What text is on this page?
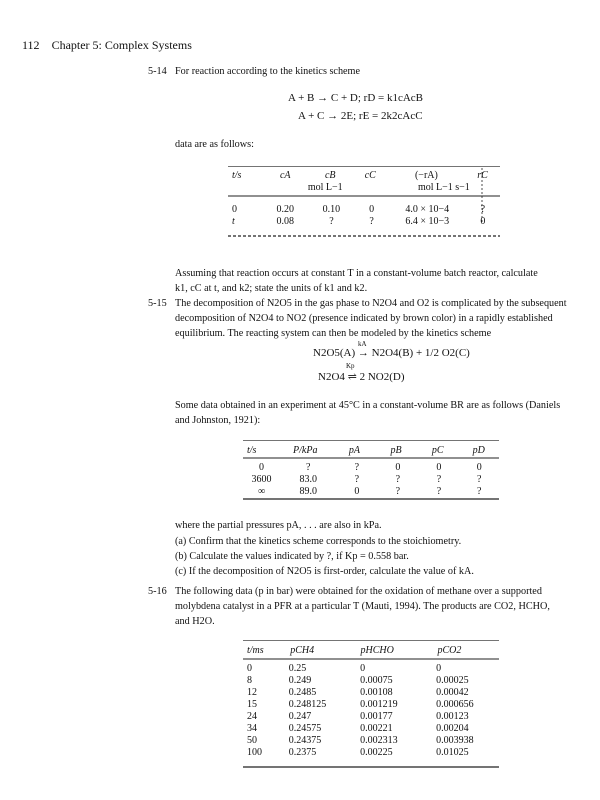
112 Chapter 5: Complex Systems
5-14 For reaction according to the kinetics scheme
A + B → C + D; rD = k1cAcB
A + C → 2E; rE = 2k2cAcC
data are as follows:
t/s	cA	cB	cC	(−rA)	rC
	mol L−1			mol L−1 s−1	
0	0.20	0.10	0	4.0 × 10−4	?
t	0.08	?	?	6.4 × 10−3	0
Assuming that reaction occurs at constant T in a constant-volume batch reactor, calculate
k1, cC at t, and k2; state the units of k1 and k2.
5-15 The decomposition of N2O5 in the gas phase to N2O4 and O2 is complicated by the subsequent
decomposition of N2O4 to NO2 (presence indicated by brown color) in a rapidly established
equilibrium. The reacting system can then be modeled by the kinetics scheme
kA
N2O5(A) → N2O4(B) + 1/2 O2(C)
Kp
N2O4 ⇌ 2 NO2(D)
Some data obtained in an experiment at 45°C in a constant-volume BR are as follows (Daniels
and Johnston, 1921):
t/s	P/kPa	pA	pB	pC	pD
0	?	?	0	0	0
3600	83.0	?	?	?	?
∞	89.0	0	?	?	?
where the partial pressures pA, . . . are also in kPa.
(a) Confirm that the kinetics scheme corresponds to the stoichiometry.
(b) Calculate the values indicated by ?, if Kp = 0.558 bar.
(c) If the decomposition of N2O5 is first-order, calculate the value of kA.
5-16 The following data (p in bar) were obtained for the oxidation of methane over a supported
molybdena catalyst in a PFR at a particular T (Mauti, 1994). The products are CO2, HCHO,
and H2O.
t/ms	pCH4	pHCHO	pCO2
0	0.25	0	0
8	0.249	0.00075	0.00025
12	0.2485	0.00108	0.00042
15	0.248125	0.001219	0.000656
24	0.247	0.00177	0.00123
34	0.24575	0.00221	0.00204
50	0.24375	0.002313	0.003938
100	0.2375	0.00225	0.01025
